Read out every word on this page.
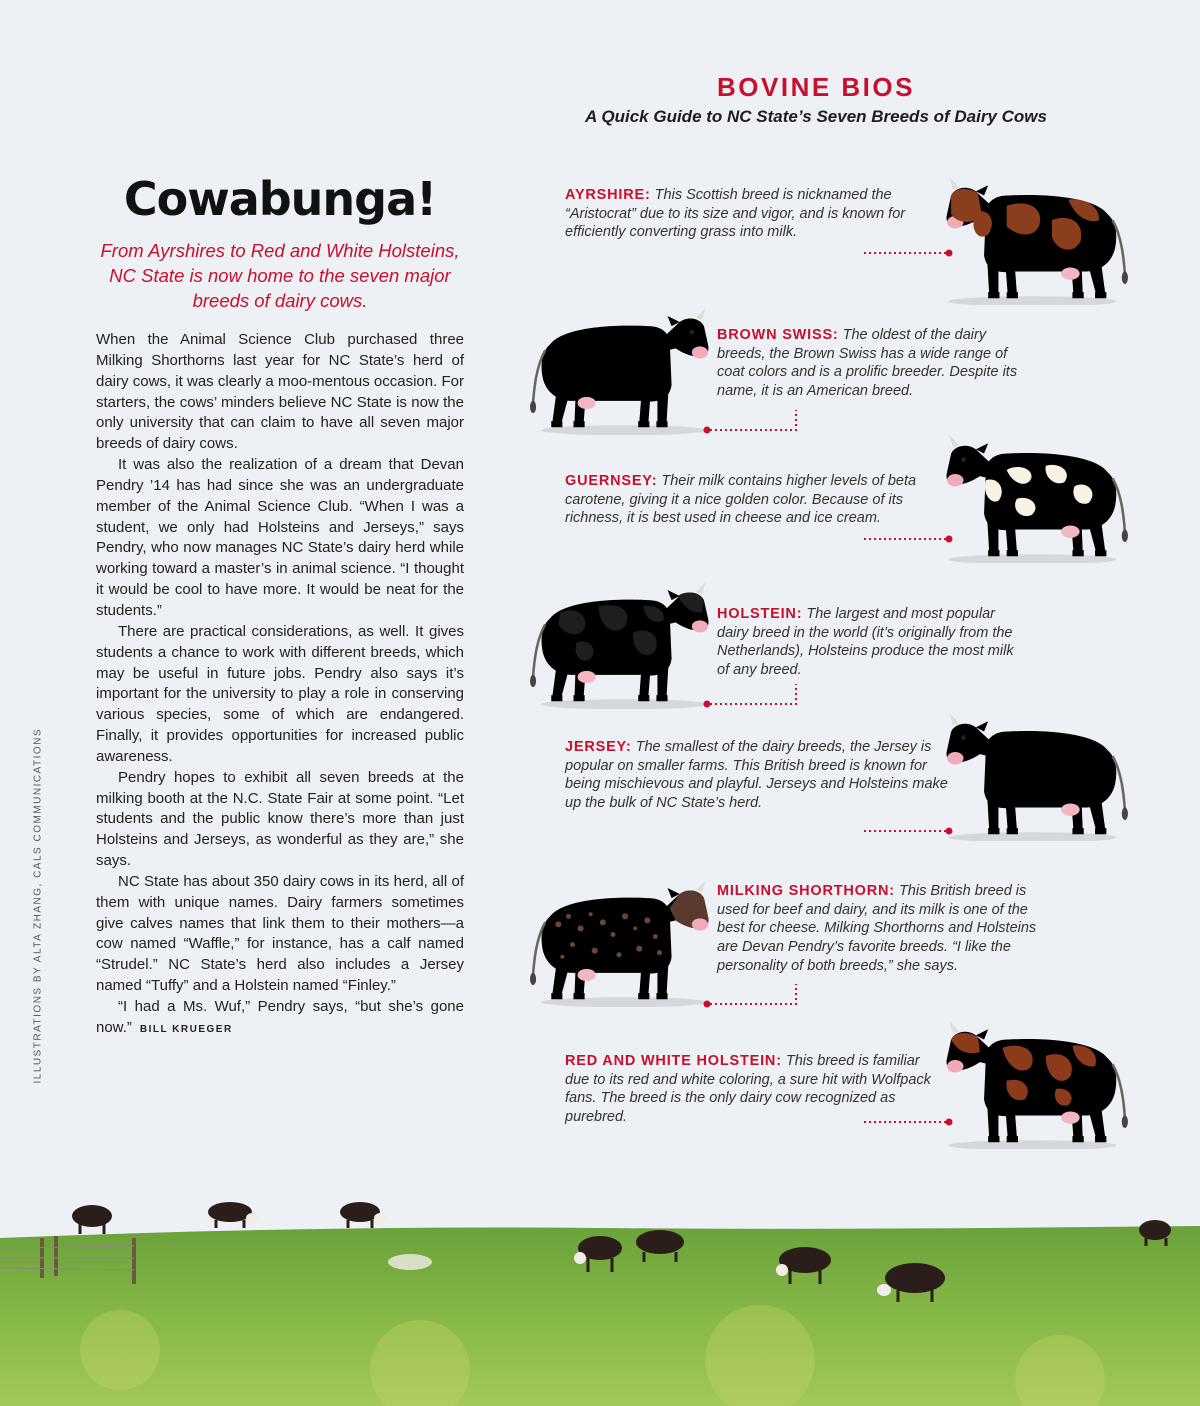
ILLUSTRATIONS BY ALTA ZHANG, CALS COMMUNICATIONS
Cowabunga!

From Ayrshires to Red and White Holsteins, NC State is now home to the seven major breeds of dairy cows.

When the Animal Science Club purchased three Milking Shorthorns last year for NC State’s herd of dairy cows, it was clearly a moo-mentous occasion. For starters, the cows’ minders believe NC State is now the only university that can claim to have all seven major breeds of dairy cows.

It was also the realization of a dream that Devan Pendry ’14 has had since she was an undergraduate member of the Animal Science Club. “When I was a student, we only had Holsteins and Jerseys,” says Pendry, who now manages NC State’s dairy herd while working toward a master’s in animal science. “I thought it would be cool to have more. It would be neat for the students.”

There are practical considerations, as well. It gives students a chance to work with different breeds, which may be useful in future jobs. Pendry also says it’s important for the university to play a role in conserving various species, some of which are endangered. Finally, it provides opportunities for increased public awareness.

Pendry hopes to exhibit all seven breeds at the milking booth at the N.C. State Fair at some point. “Let students and the public know there’s more than just Holsteins and Jerseys, as wonderful as they are,” she says.

NC State has about 350 dairy cows in its herd, all of them with unique names. Dairy farmers sometimes give calves names that link them to their mothers—a cow named “Waffle,” for instance, has a calf named “Strudel.” NC State’s herd also includes a Jersey named “Tuffy” and a Holstein named “Finley.”

“I had a Ms. Wuf,” Pendry says, “but she’s gone now.” BILL KRUEGER

BOVINE BIOS

A Quick Guide to NC State’s Seven Breeds of Dairy Cows

AYRSHIRE: This Scottish breed is nicknamed the “Aristocrat” due to its size and vigor, and is known for efficiently converting grass into milk.

BROWN SWISS: The oldest of the dairy breeds, the Brown Swiss has a wide range of coat colors and is a prolific breeder. Despite its name, it is an American breed.

GUERNSEY: Their milk contains higher levels of beta carotene, giving it a nice golden color. Because of its richness, it is best used in cheese and ice cream.

HOLSTEIN: The largest and most popular dairy breed in the world (it’s originally from the Netherlands), Holsteins produce the most milk of any breed.

JERSEY: The smallest of the dairy breeds, the Jersey is popular on smaller farms. This British breed is known for being mischievous and playful. Jerseys and Holsteins make up the bulk of NC State’s herd.

MILKING SHORTHORN: This British breed is used for beef and dairy, and its milk is one of the best for cheese. Milking Shorthorns and Holsteins are Devan Pendry’s favorite breeds. “I like the personality of both breeds,” she says.

RED AND WHITE HOLSTEIN: This breed is familiar due to its red and white coloring, a sure hit with Wolfpack fans. The breed is the only dairy cow recognized as purebred.
